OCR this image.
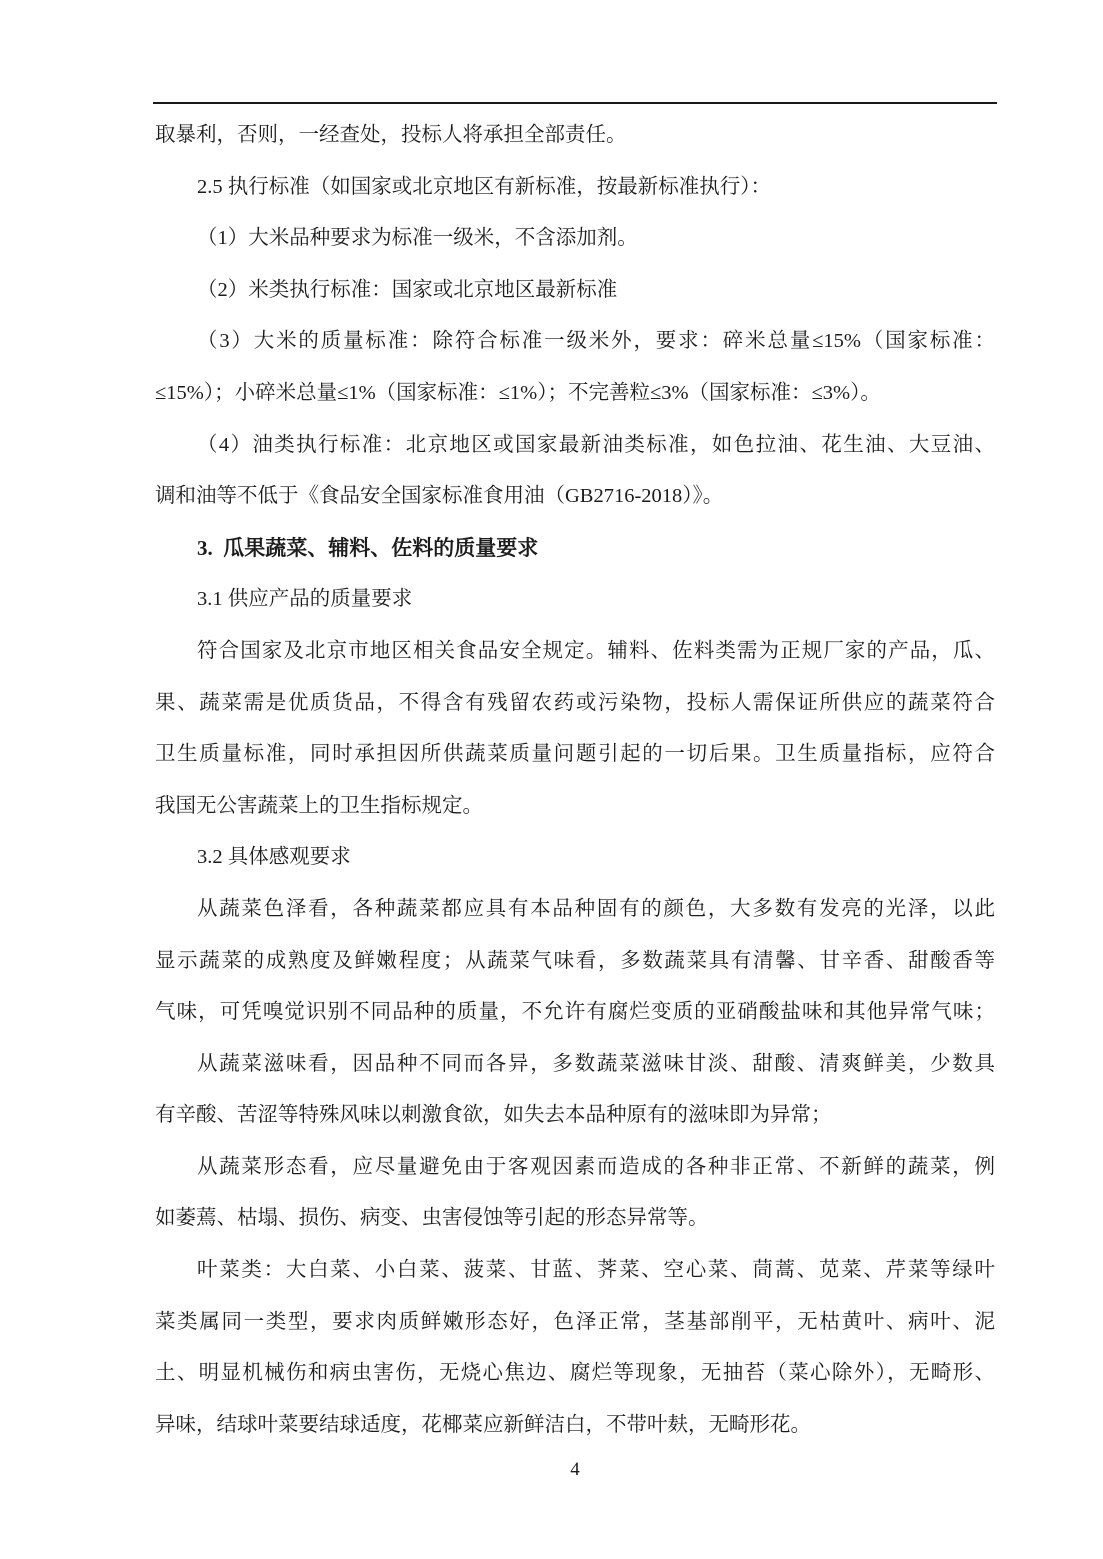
取暴利，否则，一经查处，投标人将承担全部责任。
2.5 执行标准（如国家或北京地区有新标准，按最新标准执行）：
（1）大米品种要求为标准一级米，不含添加剂。
（2）米类执行标准：国家或北京地区最新标准
（3）大米的质量标准：除符合标准一级米外，要求：碎米总量≤15%（国家标准：
≤15%）；小碎米总量≤1%（国家标准：≤1%）；不完善粒≤3%（国家标准：≤3%）。
（4）油类执行标准：北京地区或国家最新油类标准，如色拉油、花生油、大豆油、
调和油等不低于《食品安全国家标准食用油（GB2716-2018）》。
3.  瓜果蔬菜、辅料、佐料的质量要求
3.1 供应产品的质量要求
符合国家及北京市地区相关食品安全规定。辅料、佐料类需为正规厂家的产品，瓜、
果、蔬菜需是优质货品，不得含有残留农药或污染物，投标人需保证所供应的蔬菜符合
卫生质量标准，同时承担因所供蔬菜质量问题引起的一切后果。卫生质量指标，应符合
我国无公害蔬菜上的卫生指标规定。
3.2 具体感观要求
从蔬菜色泽看，各种蔬菜都应具有本品种固有的颜色，大多数有发亮的光泽，以此
显示蔬菜的成熟度及鲜嫩程度；从蔬菜气味看，多数蔬菜具有清馨、甘辛香、甜酸香等
气味，可凭嗅觉识别不同品种的质量，不允许有腐烂变质的亚硝酸盐味和其他异常气味；
从蔬菜滋味看，因品种不同而各异，多数蔬菜滋味甘淡、甜酸、清爽鲜美，少数具
有辛酸、苦涩等特殊风味以刺激食欲，如失去本品种原有的滋味即为异常；
从蔬菜形态看，应尽量避免由于客观因素而造成的各种非正常、不新鲜的蔬菜，例
如萎蔫、枯塌、损伤、病变、虫害侵蚀等引起的形态异常等。
叶菜类：大白菜、小白菜、菠菜、甘蓝、荠菜、空心菜、茼蒿、苋菜、芹菜等绿叶
菜类属同一类型，要求肉质鲜嫩形态好，色泽正常，茎基部削平，无枯黄叶、病叶、泥
土、明显机械伤和病虫害伤，无烧心焦边、腐烂等现象，无抽苔（菜心除外），无畸形、
异味，结球叶菜要结球适度，花椰菜应新鲜洁白，不带叶麸，无畸形花。
4
